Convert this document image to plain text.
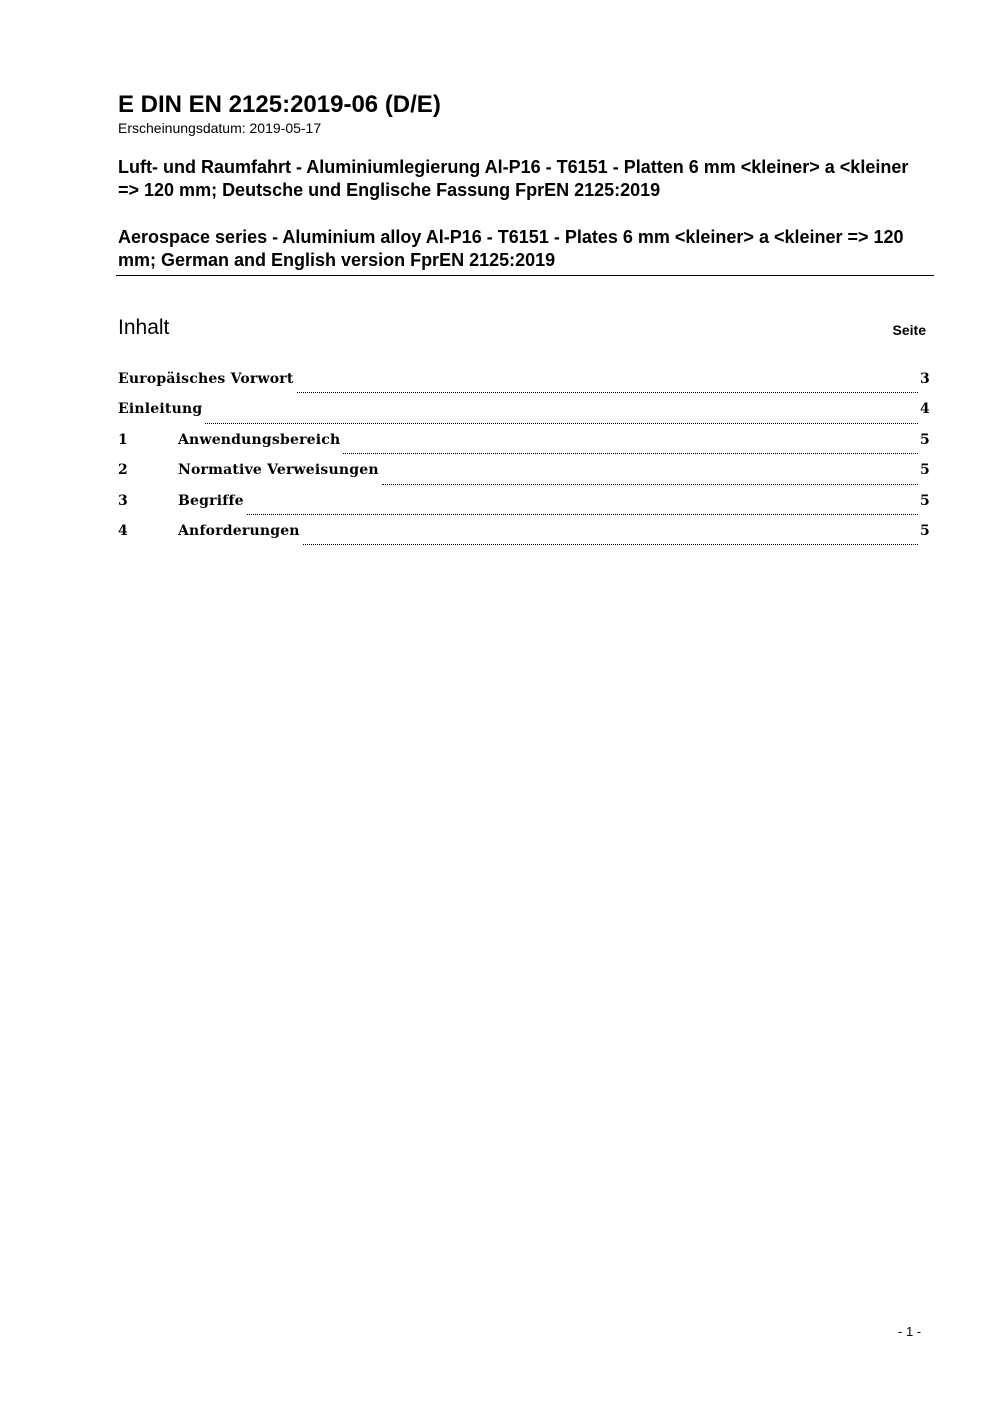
E DIN EN 2125:2019-06 (D/E)
Erscheinungsdatum: 2019-05-17
Luft- und Raumfahrt - Aluminiumlegierung Al-P16 - T6151 - Platten 6 mm <kleiner> a <kleiner => 120 mm; Deutsche und Englische Fassung FprEN 2125:2019
Aerospace series - Aluminium alloy Al-P16 - T6151 - Plates 6 mm <kleiner> a <kleiner => 120 mm; German and English version FprEN 2125:2019
Inhalt	Seite
Europäisches Vorwort	3
Einleitung	4
1	Anwendungsbereich	5
2	Normative Verweisungen	5
3	Begriffe	5
4	Anforderungen	5
- 1 -
